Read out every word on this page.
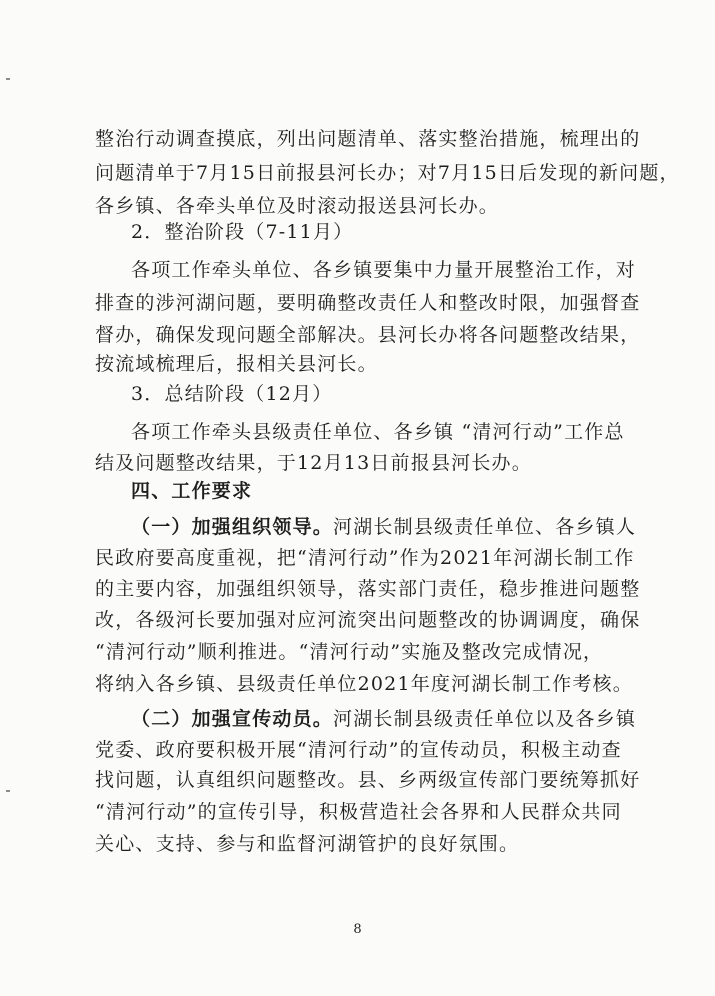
整治行动调查摸底，列出问题清单、落实整治措施，梳理出的
问题清单于7月15日前报县河长办；对7月15日后发现的新问题，
各乡镇、各牵头单位及时滚动报送县河长办。
2．整治阶段（7-11月）
各项工作牵头单位、各乡镇要集中力量开展整治工作，对
排查的涉河湖问题，要明确整改责任人和整改时限，加强督查
督办，确保发现问题全部解决。县河长办将各问题整改结果，
按流域梳理后，报相关县河长。
3．总结阶段（12月）
各项工作牵头县级责任单位、各乡镇 “清河行动”工作总
结及问题整改结果，于12月13日前报县河长办。
四、工作要求
（一）加强组织领导。河湖长制县级责任单位、各乡镇人
民政府要高度重视，把“清河行动”作为2021年河湖长制工作
的主要内容，加强组织领导，落实部门责任，稳步推进问题整
改，各级河长要加强对应河流突出问题整改的协调调度，确保
“清河行动”顺利推进。“清河行动”实施及整改完成情况，
将纳入各乡镇、县级责任单位2021年度河湖长制工作考核。
（二）加强宣传动员。河湖长制县级责任单位以及各乡镇
党委、政府要积极开展“清河行动”的宣传动员，积极主动查
找问题，认真组织问题整改。县、乡两级宣传部门要统筹抓好
“清河行动”的宣传引导，积极营造社会各界和人民群众共同
关心、支持、参与和监督河湖管护的良好氛围。
8
